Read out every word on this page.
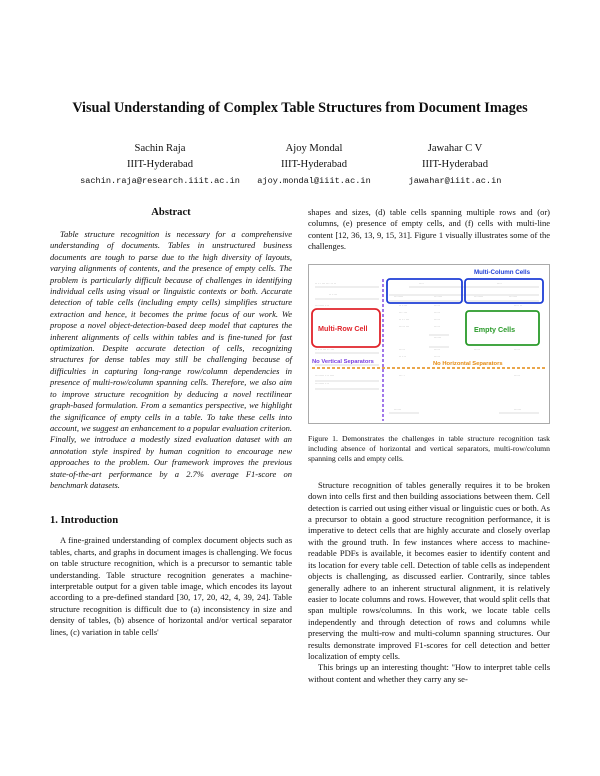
Visual Understanding of Complex Table Structures from Document Images
Sachin Raja
IIIT-Hyderabad
sachin.raja@research.iiit.ac.in
Ajoy Mondal
IIIT-Hyderabad
ajoy.mondal@iiit.ac.in
Jawahar C V
IIIT-Hyderabad
jawahar@iiit.ac.in
Abstract

Table structure recognition is necessary for a comprehensive understanding of documents. Tables in unstructured business documents are tough to parse due to the high diversity of layouts, varying alignments of contents, and the presence of empty cells. The problem is particularly difficult because of challenges in identifying individual cells using visual or linguistic contexts or both. Accurate detection of table cells (including empty cells) simplifies structure extraction and hence, it becomes the prime focus of our work. We propose a novel object-detection-based deep model that captures the inherent alignments of cells within tables and is fine-tuned for fast optimization. Despite accurate detection of cells, recognizing structures for dense tables may still be challenging because of difficulties in capturing long-range row/column dependencies in presence of multi-row/column spanning cells. Therefore, we also aim to improve structure recognition by deducing a novel rectilinear graph-based formulation. From a semantics perspective, we highlight the significance of empty cells in a table. To take these cells into account, we suggest an enhancement to a popular evaluation criterion. Finally, we introduce a modestly sized evaluation dataset with an annotation style inspired by human cognition to encourage new approaches to the problem. Our framework improves the previous state-of-the-art performance by a 2.7% average F1-score on benchmark datasets.

1. Introduction

A fine-grained understanding of complex document objects such as tables, charts, and graphs in document images is challenging. We focus on table structure recognition, which is a precursor to semantic table understanding. Table structure recognition generates a machine-interpretable output for a given table image, which encodes its layout according to a pre-defined standard [30, 17, 20, 42, 4, 39, 24]. Table structure recognition is difficult due to (a) inconsistency in size and density of tables, (b) absence of horizontal and/or vertical separator lines, (c) variation in table cells'

shapes and sizes, (d) table cells spanning multiple rows and (or) columns, (e) presence of empty cells, and (f) cells with multi-line content [12, 36, 13, 9, 15, 31]. Figure 1 visually illustrates some of the challenges.

·· ·· ··· ··· ·· ··
·· ····
····	····
········	·······	········	·······
········ ···	·· ····	·····	···· ··
··· ···	·····
·· ·· ···	·····
····· ···	·····
······
·· ··· ··· ·· ···	·····	·····	·····	·····
·· ···	·····
········ ··· ····	··· ·
········ ···
·····
······	······
Multi-Column Cells
Multi-Row Cell	Empty Cells
No Vertical Separators	No Horizontal Separators

Figure 1. Demonstrates the challenges in table structure recognition task including absence of horizontal and vertical separators, multi-row/column spanning cells and empty cells.

Structure recognition of tables generally requires it to be broken down into cells first and then building associations between them. Cell detection is carried out using either visual or linguistic cues or both. As a precursor to obtain a good structure recognition performance, it is imperative to detect cells that are highly accurate and closely overlap with the ground truth. In few instances where access to machine-readable PDFs is available, it becomes easier to identify content and its location for every table cell. Detection of table cells as independent objects is challenging, as discussed earlier. Contrarily, since tables generally adhere to an inherent structural alignment, it is relatively easier to locate columns and rows. However, that would split cells that span multiple rows/columns. In this work, we locate table cells independently and through detection of rows and columns while preserving the multi-row and multi-column spanning structures. Our results demonstrate improved F1-scores for cell detection and better localization of empty cells.

This brings up an interesting thought: "How to interpret table cells without content and whether they carry any se-
